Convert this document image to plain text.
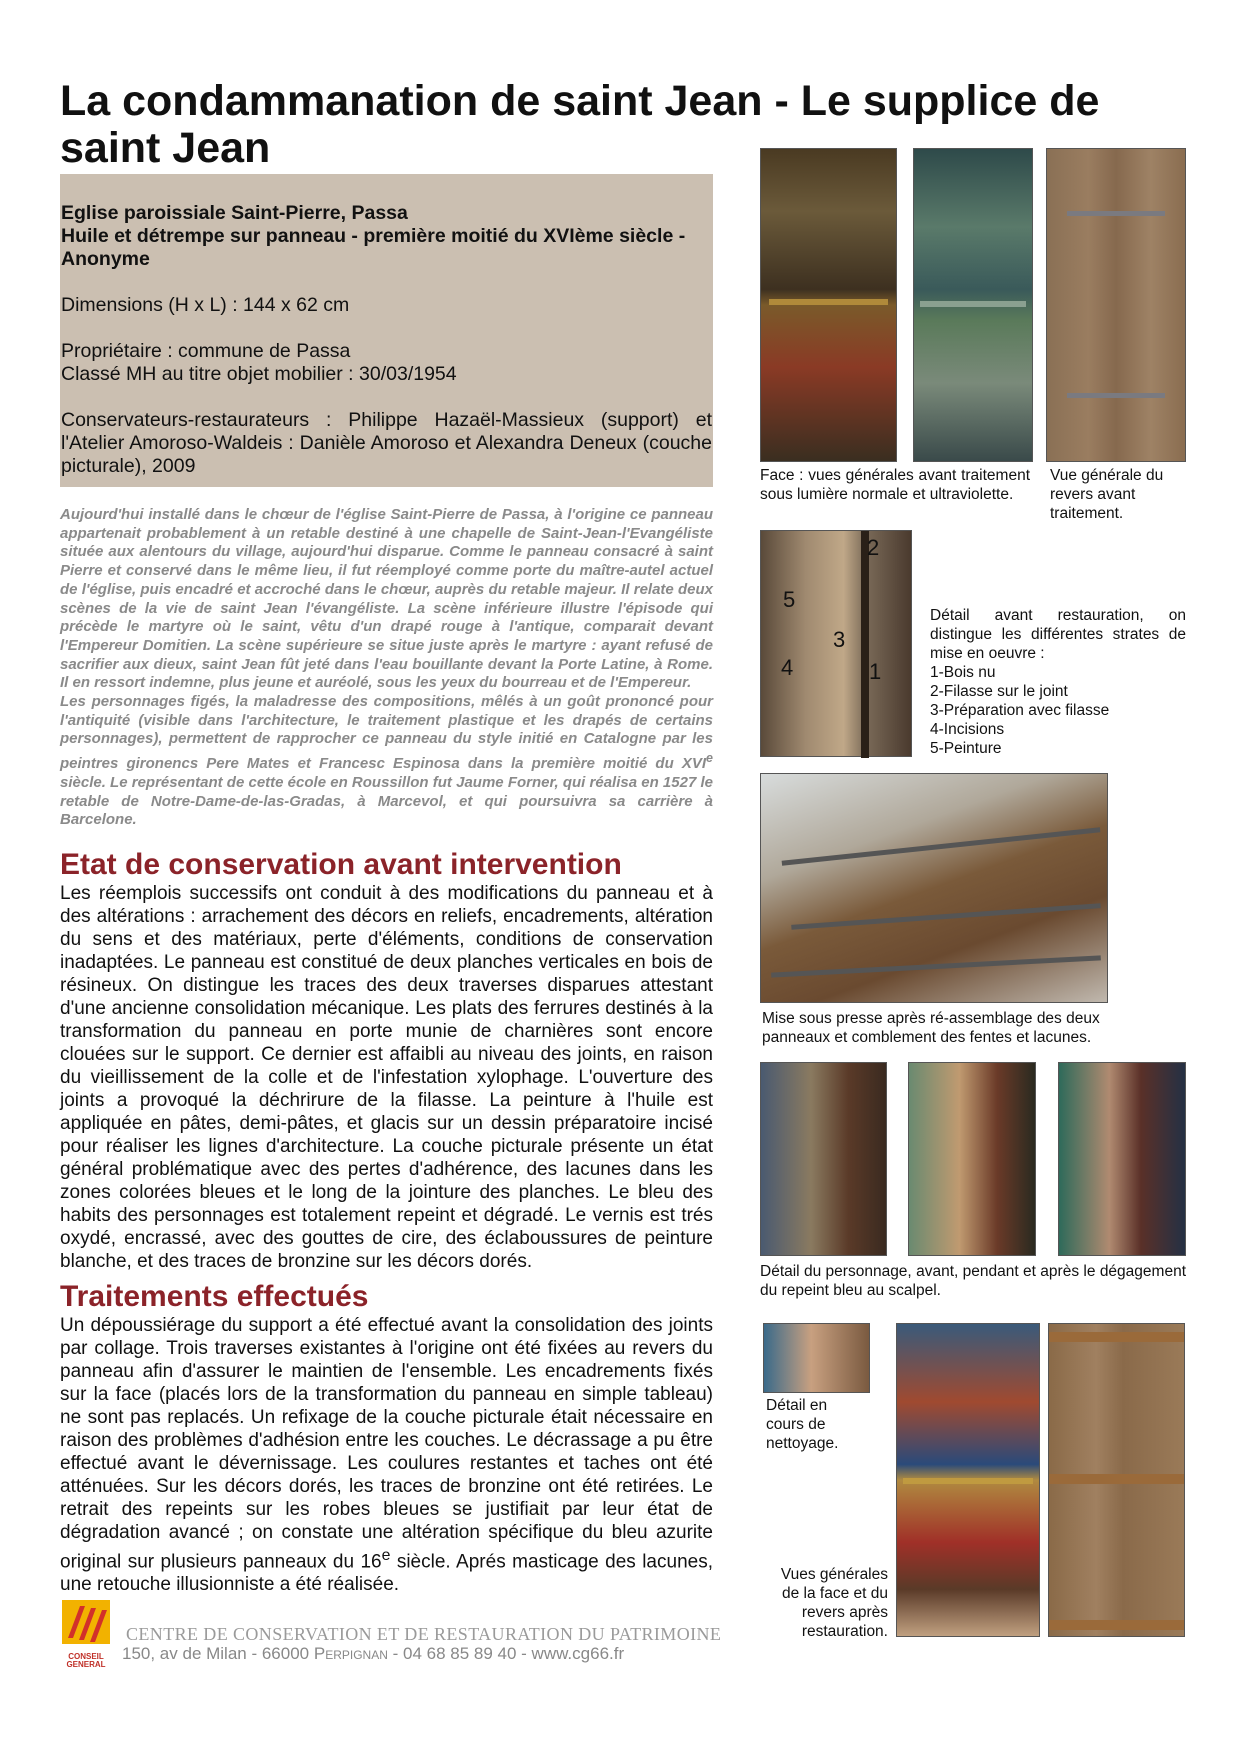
La condammanation de saint Jean - Le supplice de saint Jean
Eglise paroissiale Saint-Pierre, Passa
Huile et détrempe sur panneau - première moitié du XVIème siècle - Anonyme
Dimensions (H x L) : 144 x 62 cm
Propriétaire : commune de Passa
Classé MH au titre objet mobilier : 30/03/1954
Conservateurs-restaurateurs : Philippe Hazaël-Massieux (support) et l'Atelier Amoroso-Waldeis : Danièle Amoroso et Alexandra Deneux (couche picturale), 2009

Aujourd'hui installé dans le chœur de l'église Saint-Pierre de Passa, à l'origine ce panneau appartenait probablement à un retable destiné à une chapelle de Saint-Jean-l'Evangéliste située aux alentours du village, aujourd'hui disparue. Comme le panneau consacré à saint Pierre et conservé dans le même lieu, il fut réemployé comme porte du maître-autel actuel de l'église, puis encadré et accroché dans le chœur, auprès du retable majeur. Il relate deux scènes de la vie de saint Jean l'évangéliste. La scène inférieure illustre l'épisode qui précède le martyre où le saint, vêtu d'un drapé rouge à l'antique, comparait devant l'Empereur Domitien. La scène supérieure se situe juste après le martyre : ayant refusé de sacrifier aux dieux, saint Jean fût jeté dans l'eau bouillante devant la Porte Latine, à Rome. Il en ressort indemne, plus jeune et auréolé, sous les yeux du bourreau et de l'Empereur.

Les personnages figés, la maladresse des compositions, mêlés à un goût prononcé pour l'antiquité (visible dans l'architecture, le traitement plastique et les drapés de certains personnages), permettent de rapprocher ce panneau du style initié en Catalogne par les peintres gironencs Pere Mates et Francesc Espinosa dans la première moitié du XVIe siècle. Le représentant de cette école en Roussillon fut Jaume Forner, qui réalisa en 1527 le retable de Notre-Dame-de-las-Gradas, à Marcevol, et qui poursuivra sa carrière à Barcelone.

Etat de conservation avant intervention
Les réemplois successifs ont conduit à des modifications du panneau et à des altérations : arrachement des décors en reliefs, encadrements, altération du sens et des matériaux, perte d'éléments, conditions de conservation inadaptées. Le panneau est constitué de deux planches verticales en bois de résineux. On distingue les traces des deux traverses disparues attestant d'une ancienne consolidation mécanique. Les plats des ferrures destinés à la transformation du panneau en porte munie de charnières sont encore clouées sur le support. Ce dernier est affaibli au niveau des joints, en raison du vieillissement de la colle et de l'infestation xylophage. L'ouverture des joints a provoqué la déchrirure de la filasse. La peinture à l'huile est appliquée en pâtes, demi-pâtes, et glacis sur un dessin préparatoire incisé pour réaliser les lignes d'architecture. La couche picturale présente un état général problématique avec des pertes d'adhérence, des lacunes dans les zones colorées bleues et le long de la jointure des planches. Le bleu des habits des personnages est totalement repeint et dégradé. Le vernis est trés oxydé, encrassé, avec des gouttes de cire, des éclaboussures de peinture blanche, et des traces de bronzine sur les décors dorés.
Traitements effectués
Un dépoussiérage du support a été effectué avant la consolidation des joints par collage. Trois traverses existantes à l'origine ont été fixées au revers du panneau afin d'assurer le maintien de l'ensemble. Les encadrements fixés sur la face (placés lors de la transformation du panneau en simple tableau) ne sont pas replacés. Un refixage de la couche picturale était nécessaire en raison des problèmes d'adhésion entre les couches. Le décrassage a pu être effectué avant le dévernissage. Les coulures restantes et taches ont été atténuées. Sur les décors dorés, les traces de bronzine ont été retirées. Le retrait des repeints sur les robes bleues se justifiait par leur état de dégradation avancé ; on constate une altération spécifique du bleu azurite original sur plusieurs panneaux du 16e siècle. Aprés masticage des lacunes, une retouche illusionniste a été réalisée.
Face : vues générales avant traitement sous lumière normale et ultraviolette.
Vue générale du revers avant traitement.
2
5
3
4	1
Détail avant restauration, on distingue les différentes strates de mise en oeuvre :
1-Bois nu
2-Filasse sur le joint
3-Préparation avec filasse
4-Incisions
5-Peinture
Mise sous presse après ré-assemblage des deux panneaux et comblement des fentes et lacunes.
Détail du personnage, avant, pendant et après le dégagement du repeint bleu au scalpel.
Détail en cours de nettoyage.
Vues générales de la face et du revers après restauration.
CONSEIL
GENERAL
CENTRE DE CONSERVATION ET DE RESTAURATION DU PATRIMOINE
150, av de Milan - 66000 Perpignan - 04 68 85 89 40 - www.cg66.fr
